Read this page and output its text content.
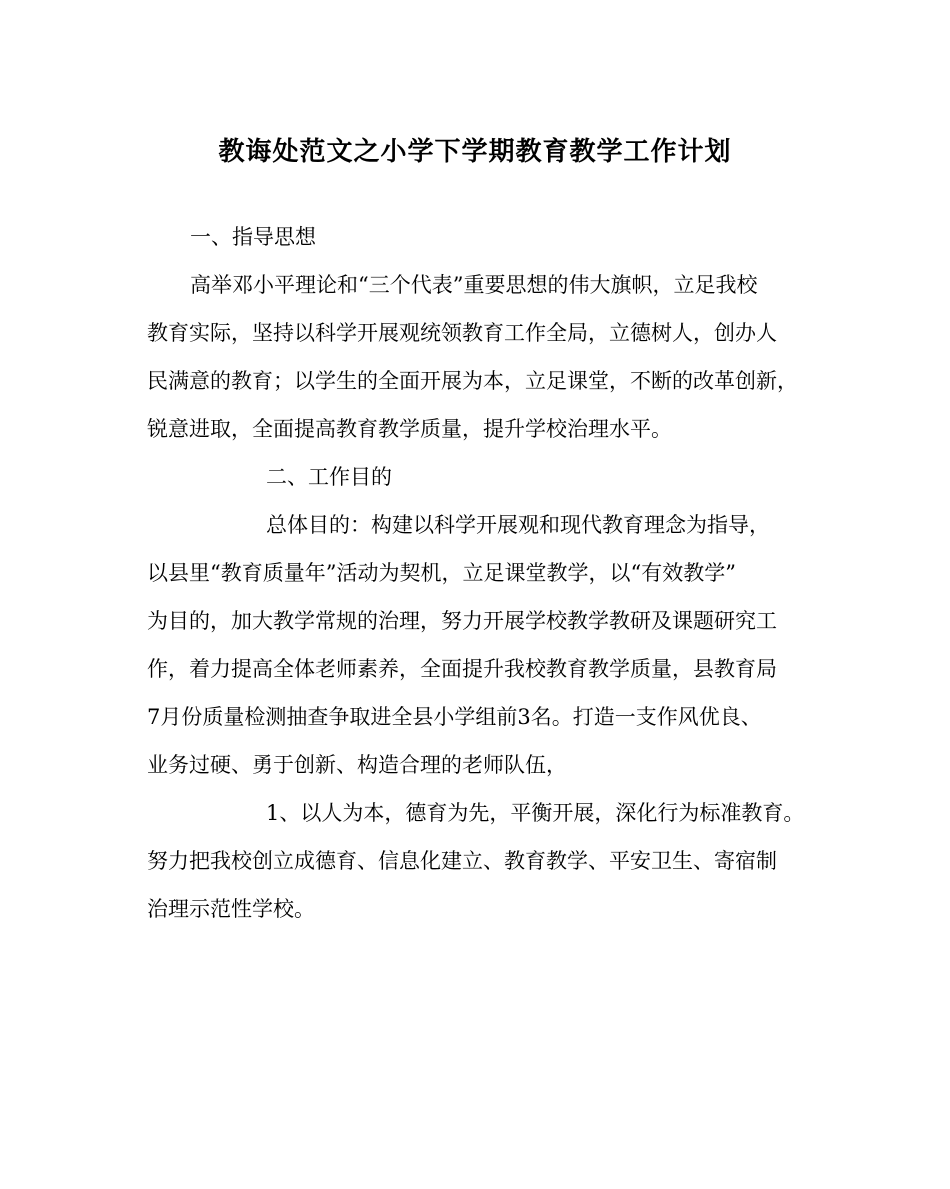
教诲处范文之小学下学期教育教学工作计划

一、指导思想

高举邓小平理论和“三个代表”重要思想的伟大旗帜，立足我校

教育实际，坚持以科学开展观统领教育工作全局，立德树人，创办人

民满意的教育；以学生的全面开展为本，立足课堂，不断的改革创新，

锐意进取，全面提高教育教学质量，提升学校治理水平。

二、工作目的

总体目的：构建以科学开展观和现代教育理念为指导，

以县里“教育质量年”活动为契机，立足课堂教学，以“有效教学”

为目的，加大教学常规的治理，努力开展学校教学教研及课题研究工

作，着力提高全体老师素养，全面提升我校教育教学质量，县教育局

7月份质量检测抽查争取进全县小学组前3名。打造一支作风优良、

业务过硬、勇于创新、构造合理的老师队伍，

1、以人为本，德育为先，平衡开展，深化行为标准教育。

努力把我校创立成德育、信息化建立、教育教学、平安卫生、寄宿制

治理示范性学校。
